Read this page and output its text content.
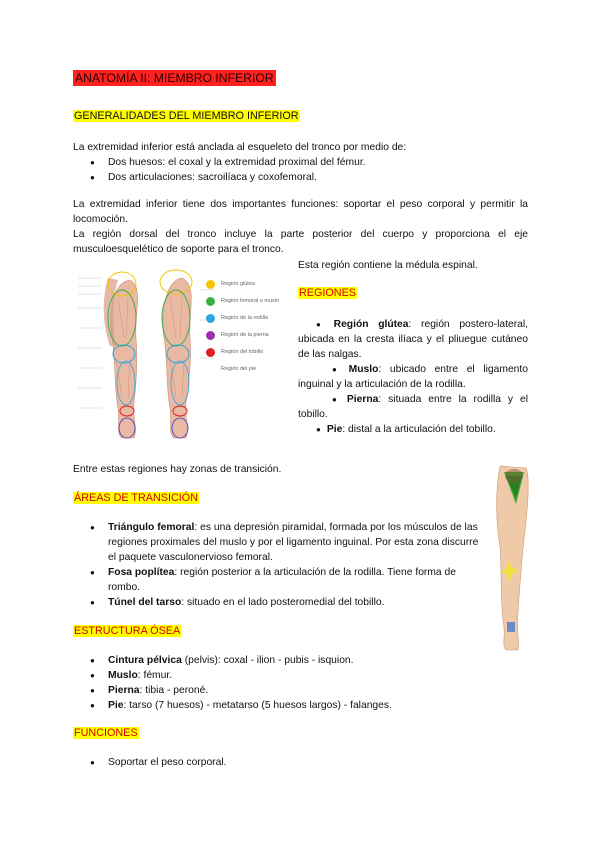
ANATOMÍA II: MIEMBRO INFERIOR
GENERALIDADES DEL MIEMBRO INFERIOR

La extremidad inferior está anclada al esqueleto del tronco por medio de:

● Dos huesos: el coxal y la extremidad proximal del fémur.
● Dos articulaciones: sacroilíaca y coxofemoral.

La extremidad inferior tiene dos importantes funciones: soportar el peso corporal y permitir la locomoción.

La región dorsal del tronco incluye la parte posterior del cuerpo y proporciona el eje musculoesquelético de soporte para el tronco.

Esta región contiene la médula espinal.

Región glútea
Región femoral o muslo
Región de la rodilla
Región de la pierna
Región del tobillo
Región del pie
REGIONES

● Región glútea: región postero-lateral, ubicada en la cresta ilíaca y el pliuegue cutáneo de las nalgas.

● Muslo: ubicado entre el ligamento inguinal y la articulación de la rodilla.

● Pierna: situada entre la rodilla y el tobillo.

● Pie: distal a la articulación del tobillo.

Entre estas regiones hay zonas de transición.

ÁREAS DE TRANSICIÓN
● Triángulo femoral: es una depresión piramidal, formada por los músculos de las regiones proximales del muslo y por el ligamento inguinal. Por esta zona discurre el paquete vasculonervioso femoral.
● Fosa poplítea: región posterior a la articulación de la rodilla. Tiene forma de rombo.
● Túnel del tarso: situado en el lado posteromedial del tobillo.
ESTRUCTURA ÓSEA
● Cintura pélvica (pelvis): coxal - ilion - pubis - isquion.
● Muslo: fémur.
● Pierna: tibia - peroné.
● Pie: tarso (7 huesos) - metatarso (5 huesos largos) - falanges.
FUNCIONES
● Soportar el peso corporal.
